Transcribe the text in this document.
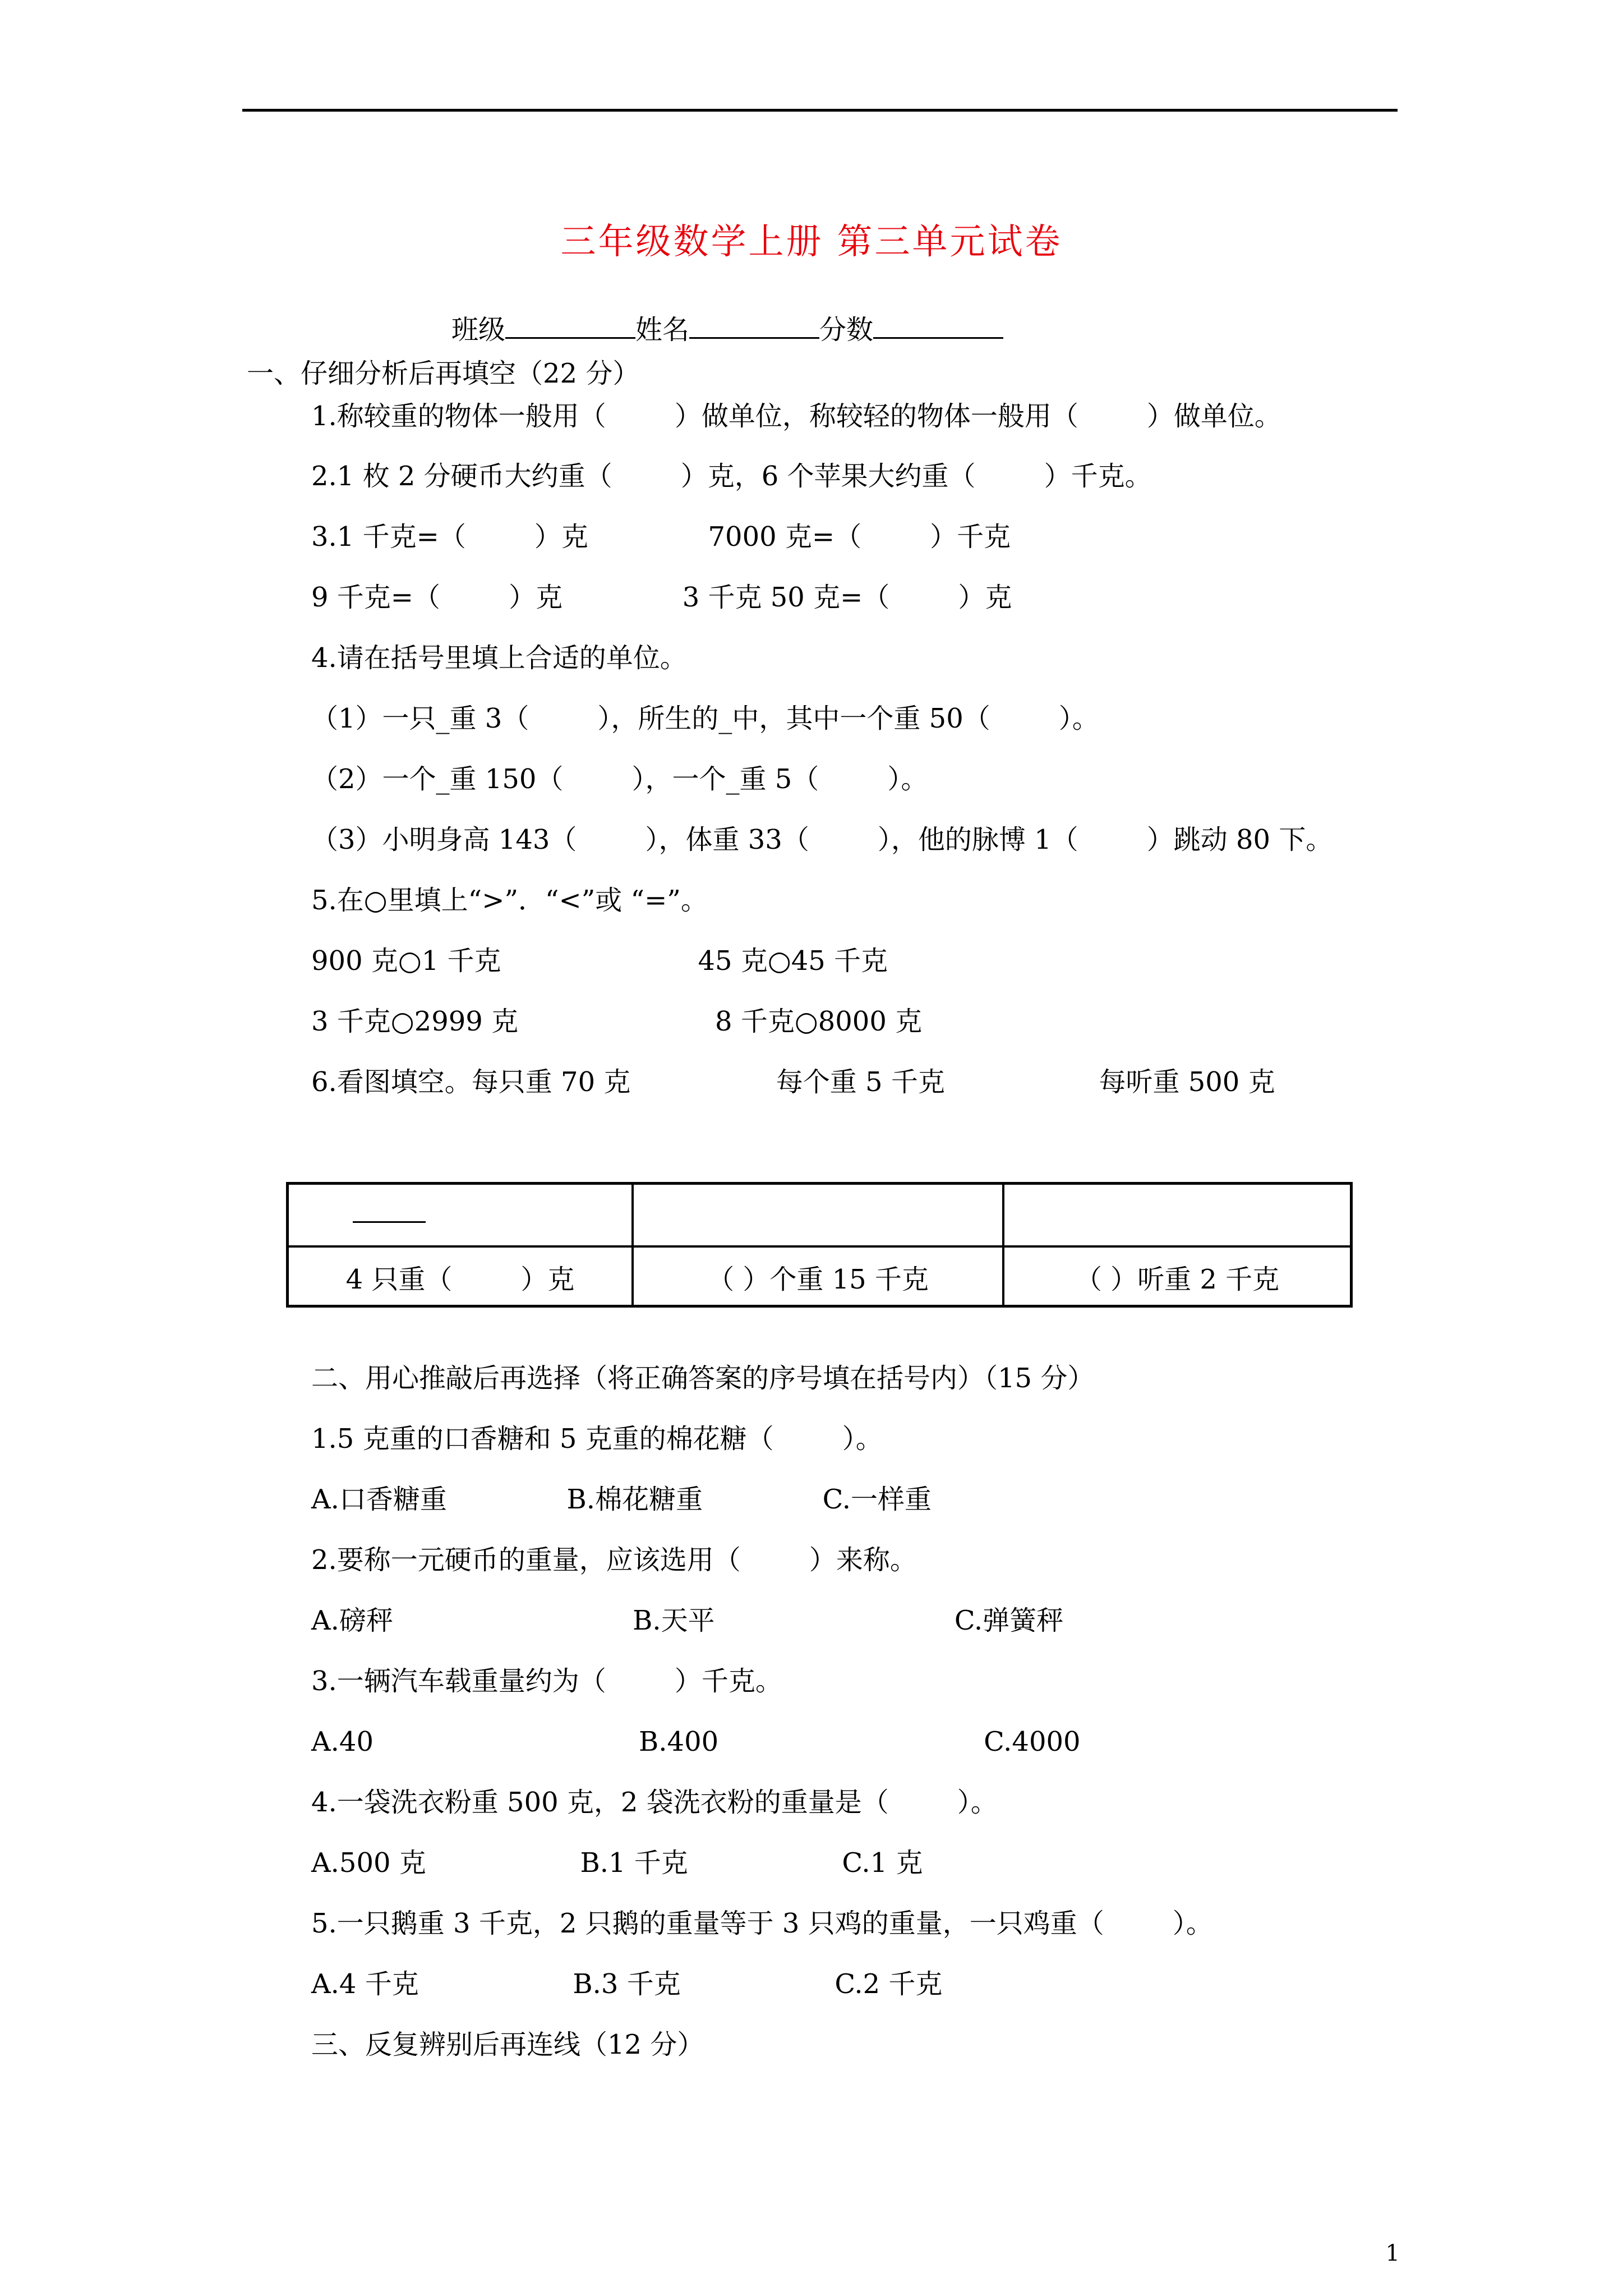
三年级数学上册 第三单元试卷
班级	姓名	分数
一、仔细分析后再填空（22 分）
1.称较重的物体一般用（        ）做单位，称较轻的物体一般用（        ）做单位。
2.1 枚 2 分硬币大约重（        ）克，6 个苹果大约重（        ）千克。
3.1 千克=（        ）克              7000 克=（        ）千克
9 千克=（        ）克              3 千克 50 克=（        ）克
4.请在括号里填上合适的单位。
（1）一只_重 3（        ），所生的_中，其中一个重 50（        ）。
（2）一个_重 150（        ），一个_重 5（        ）。
（3）小明身高 143（        ），体重 33（        ），他的脉博 1（        ）跳动 80 下。
5.在○里填上“>”．“<”或 “=”。
900 克○1 千克                       45 克○45 千克
3 千克○2999 克                       8 千克○8000 克
6.看图填空。每只重 70 克                 每个重 5 千克                  每听重 500 克
4 只重（        ）克	（ ）个重 15 千克	（ ）听重 2 千克
二、用心推敲后再选择（将正确答案的序号填在括号内）（15 分）
1.5 克重的口香糖和 5 克重的棉花糖（        ）。
A.口香糖重              B.棉花糖重              C.一样重
2.要称一元硬币的重量，应该选用（        ）来称。
A.磅秤                            B.天平                            C.弹簧秤
3.一辆汽车载重量约为（        ）千克。
A.40                               B.400                               C.4000
4.一袋洗衣粉重 500 克，2 袋洗衣粉的重量是（        ）。
A.500 克                  B.1 千克                  C.1 克
5.一只鹅重 3 千克，2 只鹅的重量等于 3 只鸡的重量，一只鸡重（        ）。
A.4 千克                  B.3 千克                  C.2 千克
三、反复辨别后再连线（12 分）
1
